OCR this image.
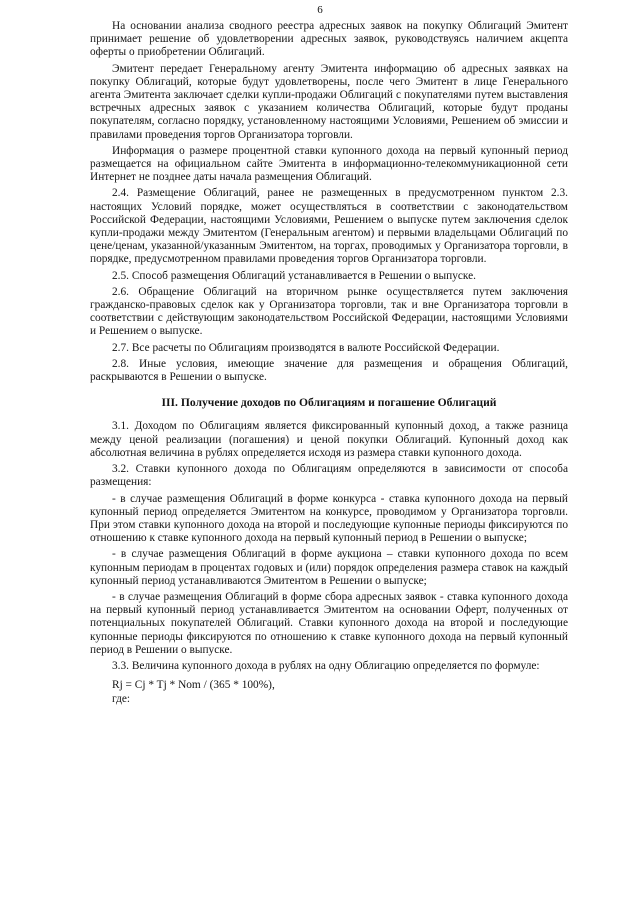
6

На основании анализа сводного реестра адресных заявок на покупку Облигаций Эмитент принимает решение об удовлетворении адресных заявок, руководствуясь наличием акцепта оферты о приобретении Облигаций.

Эмитент передает Генеральному агенту Эмитента информацию об адресных заявках на покупку Облигаций, которые будут удовлетворены, после чего Эмитент в лице Генерального агента Эмитента заключает сделки купли-продажи Облигаций с покупателями путем выставления встречных адресных заявок с указанием количества Облигаций, которые будут проданы покупателям, согласно порядку, установленному настоящими Условиями, Решением об эмиссии и правилами проведения торгов Организатора торговли.

Информация о размере процентной ставки купонного дохода на первый купонный период размещается на официальном сайте Эмитента в информационно-телекоммуникационной сети Интернет не позднее даты начала размещения Облигаций.

2.4. Размещение Облигаций, ранее не размещенных в предусмотренном пунктом 2.3. настоящих Условий порядке, может осуществляться в соответствии с законодательством Российской Федерации, настоящими Условиями, Решением о выпуске путем заключения сделок купли-продажи между Эмитентом (Генеральным агентом) и первыми владельцами Облигаций по цене/ценам, указанной/указанным Эмитентом, на торгах, проводимых у Организатора торговли, в порядке, предусмотренном правилами проведения торгов Организатора торговли.

2.5. Способ размещения Облигаций устанавливается в Решении о выпуске.

2.6. Обращение Облигаций на вторичном рынке осуществляется путем заключения гражданско-правовых сделок как у Организатора торговли, так и вне Организатора торговли в соответствии с действующим законодательством Российской Федерации, настоящими Условиями и Решением о выпуске.

2.7. Все расчеты по Облигациям производятся в валюте Российской Федерации.

2.8. Иные условия, имеющие значение для размещения и обращения Облигаций, раскрываются в Решении о выпуске.

III. Получение доходов по Облигациям и погашение Облигаций

3.1. Доходом по Облигациям является фиксированный купонный доход, а также разница между ценой реализации (погашения) и ценой покупки Облигаций. Купонный доход как абсолютная величина в рублях определяется исходя из размера ставки купонного дохода.

3.2. Ставки купонного дохода по Облигациям определяются в зависимости от способа размещения:

- в случае размещения Облигаций в форме конкурса - ставка купонного дохода на первый купонный период определяется Эмитентом на конкурсе, проводимом у Организатора торговли. При этом ставки купонного дохода на второй и последующие купонные периоды фиксируются по отношению к ставке купонного дохода на первый купонный период в Решении о выпуске;

- в случае размещения Облигаций в форме аукциона – ставки купонного дохода по всем купонным периодам в процентах годовых и (или) порядок определения размера ставок на каждый купонный период устанавливаются Эмитентом в Решении о выпуске;

- в случае размещения Облигаций в форме сбора адресных заявок - ставка купонного дохода на первый купонный период устанавливается Эмитентом на основании Оферт, полученных от потенциальных покупателей Облигаций. Ставки купонного дохода на второй и последующие купонные периоды фиксируются по отношению к ставке купонного дохода на первый купонный период в Решении о выпуске.

3.3. Величина купонного дохода в рублях на одну Облигацию определяется по формуле:

Rj = Cj * Tj * Nom / (365 * 100%),

где:
